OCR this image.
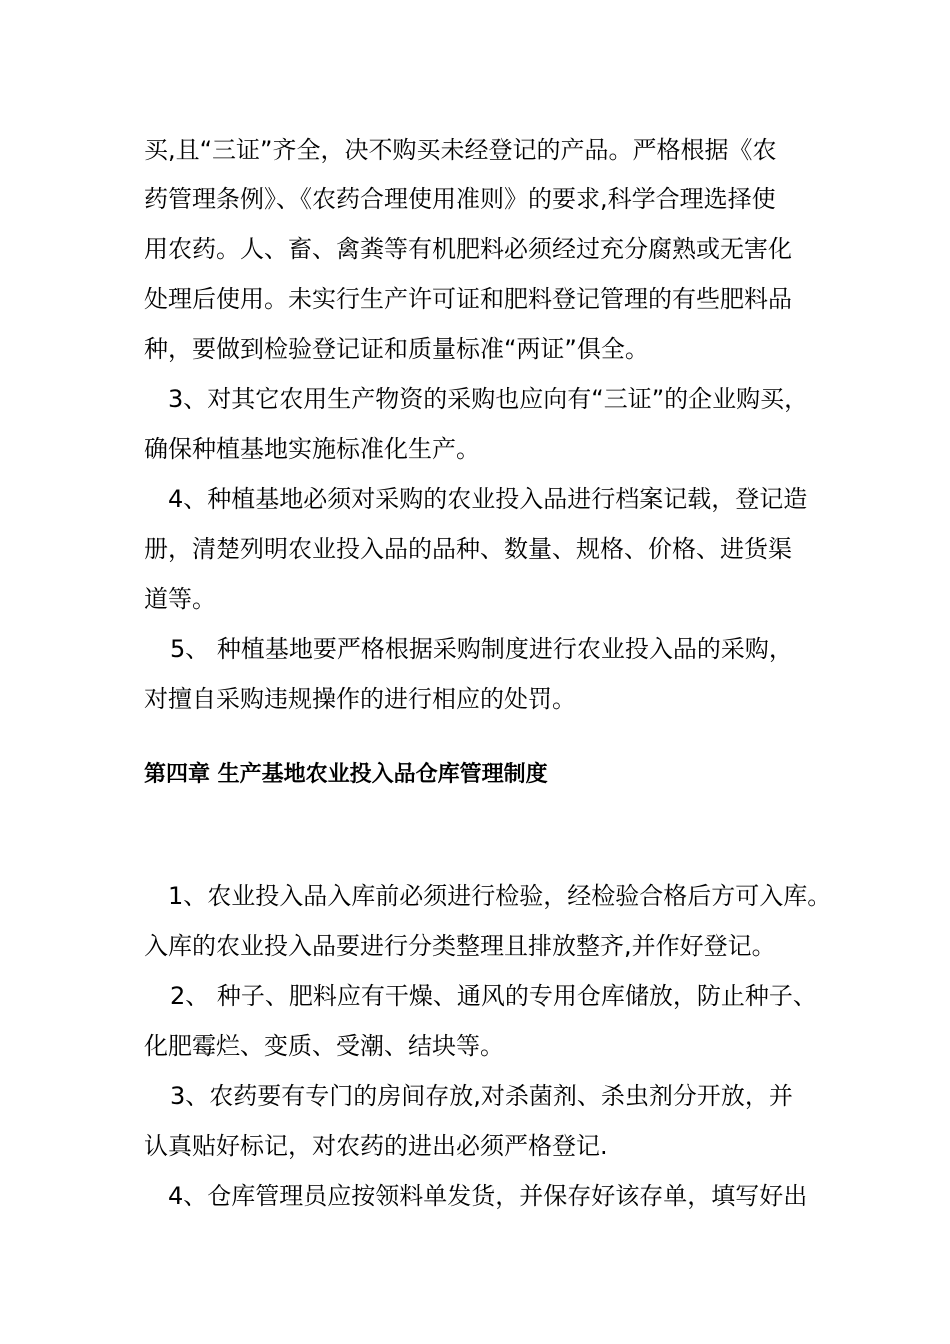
买,且“三证”齐全，决不购买未经登记的产品。严格根据《农
药管理条例》、《农药合理使用准则》的要求,科学合理选择使
用农药。人、畜、禽粪等有机肥料必须经过充分腐熟或无害化
处理后使用。未实行生产许可证和肥料登记管理的有些肥料品
种，要做到检验登记证和质量标准“两证”俱全。
3、对其它农用生产物资的采购也应向有“三证”的企业购买，
确保种植基地实施标准化生产。
4、种植基地必须对采购的农业投入品进行档案记载，登记造
册，清楚列明农业投入品的品种、数量、规格、价格、进货渠
道等。
5、 种植基地要严格根据采购制度进行农业投入品的采购，
对擅自采购违规操作的进行相应的处罚。
第四章 生产基地农业投入品仓库管理制度
1、农业投入品入库前必须进行检验，经检验合格后方可入库。
入库的农业投入品要进行分类整理且排放整齐,并作好登记。
2、 种子、肥料应有干燥、通风的专用仓库储放，防止种子、
化肥霉烂、变质、受潮、结块等。
3、农药要有专门的房间存放,对杀菌剂、杀虫剂分开放，并
认真贴好标记，对农药的进出必须严格登记.
4、仓库管理员应按领料单发货，并保存好该存单，填写好出
